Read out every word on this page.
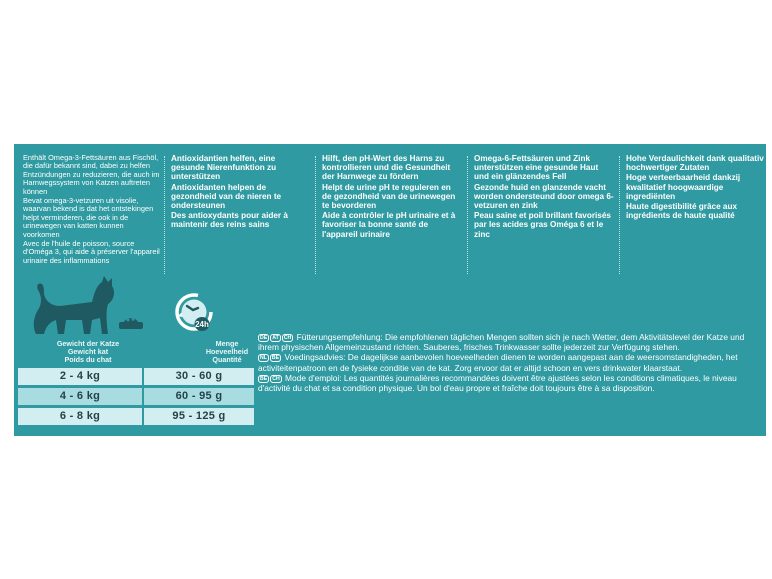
Enthält Omega-3-Fettsäuren aus Fischöl, die dafür bekannt sind, dabei zu helfen Entzündungen zu reduzieren, die auch im Harnwegssystem von Katzen auftreten können

Bevat omega-3-vetzuren uit visolie, waarvan bekend is dat het ontstekingen helpt verminderen, die ook in de urinewegen van katten kunnen voorkomen

Avec de l'huile de poisson, source d'Oméga 3, qui aide à préserver l'appareil urinaire des inflammations

Antioxidantien helfen, eine gesunde Nierenfunktion zu unterstützen

Antioxidanten helpen de gezondheid van de nieren te ondersteunen

Des antioxydants pour aider à maintenir des reins sains

Hilft, den pH-Wert des Harns zu kontrollieren und die Gesundheit der Harnwege zu fördern

Helpt de urine pH te reguleren en de gezondheid van de urinewegen te bevorderen

Aide à contrôler le pH urinaire et à favoriser la bonne santé de l'appareil urinaire

Omega-6-Fettsäuren und Zink unterstützen eine gesunde Haut und ein glänzendes Fell

Gezonde huid en glanzende vacht worden ondersteund door omega 6-vetzuren en zink

Peau saine et poil brillant favorisés par les acides gras Oméga 6 et le zinc

Hohe Verdaulichkeit dank qualitativ hochwertiger Zutaten

Hoge verteerbaarheid dankzij kwalitatief hoogwaardige ingrediënten

Haute digestibilité grâce aux ingrédients de haute qualité

24h
Gewicht der Katze
Gewicht kat
Poids du chat
Menge
Hoeveelheid
Quantité
2 - 4 kg	30 - 60 g
4 - 6 kg	60 - 95 g
6 - 8 kg	95 - 125 g

DE AT CH Fütterungsempfehlung: Die empfohlenen täglichen Mengen sollten sich je nach Wetter, dem Aktivitätslevel der Katze und ihrem physischen Allgemeinzustand richten. Sauberes, frisches Trinkwasser sollte jederzeit zur Verfügung stehen.

NL BE Voedingsadvies: De dagelijkse aanbevolen hoeveelheden dienen te worden aangepast aan de weersomstandigheden, het activiteitenpatroon en de fysieke conditie van de kat. Zorg ervoor dat er altijd schoon en vers drinkwater klaarstaat.

BE CH Mode d'emploi: Les quantités journalières recommandées doivent être ajustées selon les conditions climatiques, le niveau d'activité du chat et sa condition physique. Un bol d'eau propre et fraîche doit toujours être à sa disposition.
